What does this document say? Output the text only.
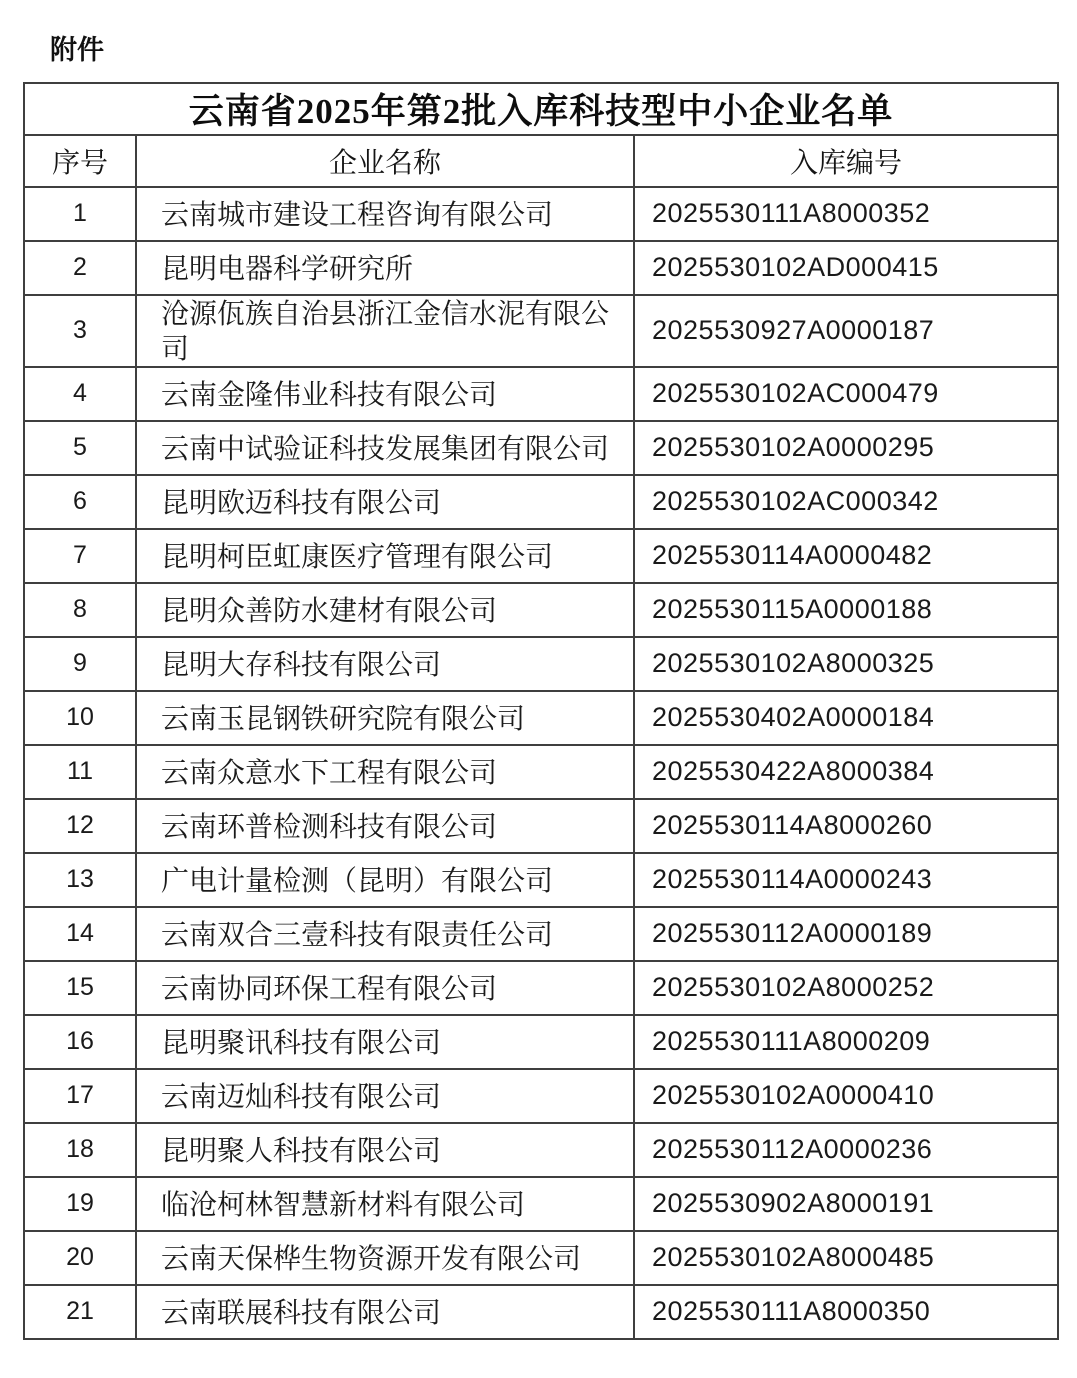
附件
云南省2025年第2批入库科技型中小企业名单		
序号	企业名称	入库编号
1	云南城市建设工程咨询有限公司	2025530111A8000352
2	昆明电器科学研究所	2025530102AD000415
3	沧源佤族自治县浙江金信水泥有限公司	2025530927A0000187
4	云南金隆伟业科技有限公司	2025530102AC000479
5	云南中试验证科技发展集团有限公司	2025530102A0000295
6	昆明欧迈科技有限公司	2025530102AC000342
7	昆明柯臣虹康医疗管理有限公司	2025530114A0000482
8	昆明众善防水建材有限公司	2025530115A0000188
9	昆明大存科技有限公司	2025530102A8000325
10	云南玉昆钢铁研究院有限公司	2025530402A0000184
11	云南众意水下工程有限公司	2025530422A8000384
12	云南环普检测科技有限公司	2025530114A8000260
13	广电计量检测（昆明）有限公司	2025530114A0000243
14	云南双合三壹科技有限责任公司	2025530112A0000189
15	云南协同环保工程有限公司	2025530102A8000252
16	昆明聚讯科技有限公司	2025530111A8000209
17	云南迈灿科技有限公司	2025530102A0000410
18	昆明聚人科技有限公司	2025530112A0000236
19	临沧柯林智慧新材料有限公司	2025530902A8000191
20	云南天保桦生物资源开发有限公司	2025530102A8000485
21	云南联展科技有限公司	2025530111A8000350
